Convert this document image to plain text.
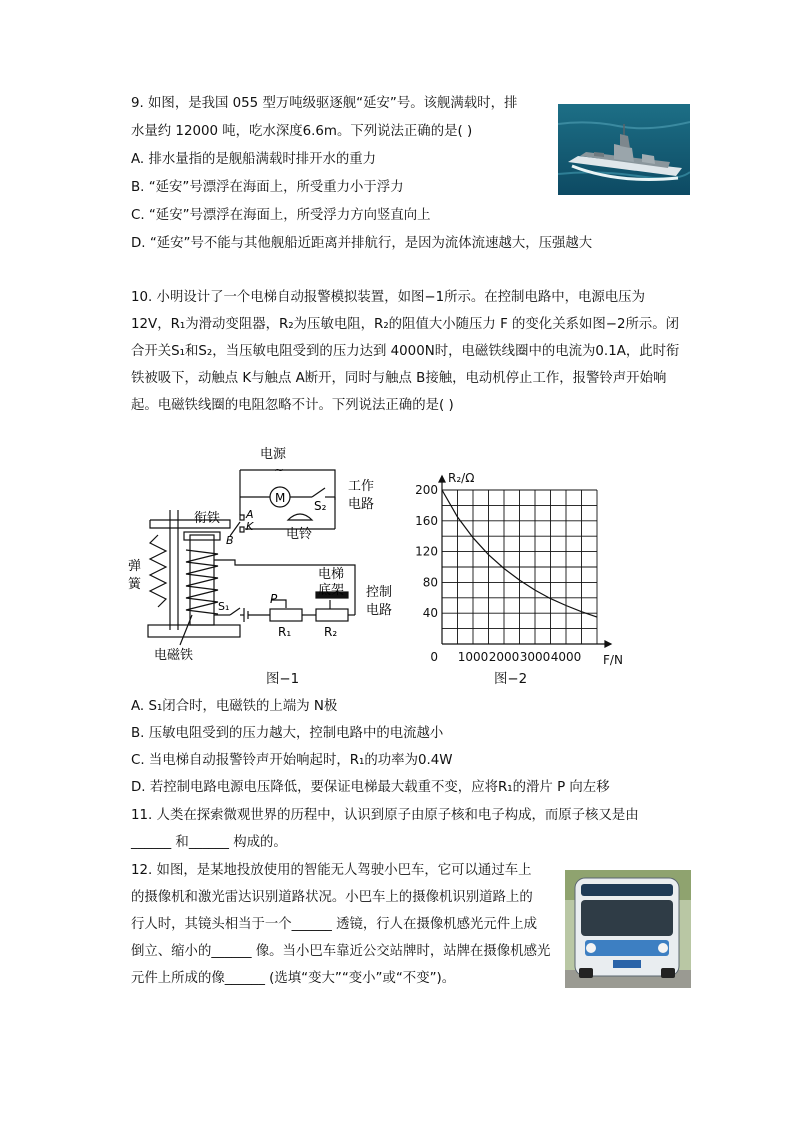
9. 如图，是我国 055 型万吨级驱逐舰“延安”号。该舰满载时，排
水量约 12000 吨，吃水深度6.6m。下列说法正确的是( )
A. 排水量指的是舰船满载时排开水的重力
B. “延安”号漂浮在海面上，所受重力小于浮力
C. “延安”号漂浮在海面上，所受浮力方向竖直向上
D. “延安”号不能与其他舰船近距离并排航行，是因为流体流速越大，压强越大
10. 小明设计了一个电梯自动报警模拟装置，如图−1所示。在控制电路中，电源电压为
12V，R₁为滑动变阻器，R₂为压敏电阻，R₂的阻值大小随压力 F 的变化关系如图−2所示。闭
合开关S₁和S₂，当压敏电阻受到的压力达到 4000N时，电磁铁线圈中的电流为0.1A，此时衔
铁被吸下，动触点 K与触点 A断开，同时与触点 B接触，电动机停止工作，报警铃声开始响
起。电磁铁线圈的电阻忽略不计。下列说法正确的是( )
电源
~
M
S₂
工作
电路
衔铁 A
K
B	电铃
弹
簧
电梯
底架 控制
电路
S₁
P
R₁	R₂
电磁铁
图−1
1000 2000 3000 4000
40
80
120
160
200
0	F/N
R₂/Ω
图−2
A. S₁闭合时，电磁铁的上端为 N极
B. 压敏电阻受到的压力越大，控制电路中的电流越小
C. 当电梯自动报警铃声开始响起时，R₁的功率为0.4W
D. 若控制电路电源电压降低，要保证电梯最大载重不变，应将R₁的滑片 P 向左移
11. 人类在探索微观世界的历程中，认识到原子由原子核和电子构成，而原子核又是由
______ 和______ 构成的。
12. 如图，是某地投放使用的智能无人驾驶小巴车，它可以通过车上
的摄像机和激光雷达识别道路状况。小巴车上的摄像机识别道路上的
行人时，其镜头相当于一个______ 透镜，行人在摄像机感光元件上成
倒立、缩小的______ 像。当小巴车靠近公交站牌时，站牌在摄像机感光
元件上所成的像______ (选填“变大”“变小”或“不变”)。
